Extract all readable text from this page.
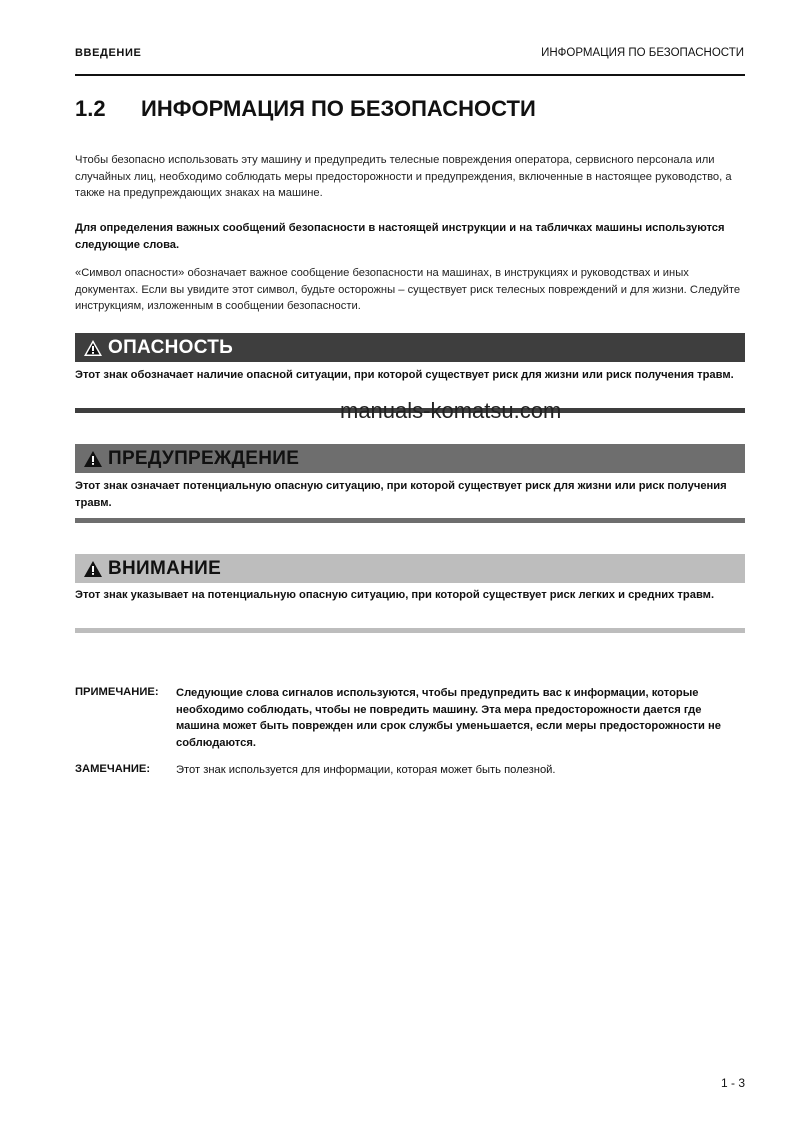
ВВЕДЕНИЕ	ИНФОРМАЦИЯ ПО БЕЗОПАСНОСТИ
1.2 ИНФОРМАЦИЯ ПО БЕЗОПАСНОСТИ
Чтобы безопасно использовать эту машину и предупредить телесные повреждения оператора, сервисного персонала или случайных лиц, необходимо соблюдать меры предосторожности и предупреждения, включенные в настоящее руководство, а также на предупреждающих знаках на машине.
Для определения важных сообщений безопасности в настоящей инструкции и на табличках машины используются следующие слова.
«Символ опасности» обозначает важное сообщение безопасности на машинах, в инструкциях и руководствах и иных документах. Если вы увидите этот символ, будьте осторожны – существует риск телесных повреждений и для жизни. Следуйте инструкциям, изложенным в сообщении безопасности.
ОПАСНОСТЬ
Этот знак обозначает наличие опасной ситуации, при которой существует риск для жизни или риск получения травм.
manuals-komatsu.com
ПРЕДУПРЕЖДЕНИЕ
Этот знак означает потенциальную опасную ситуацию, при которой существует риск для жизни или риск получения травм.
ВНИМАНИЕ
Этот знак указывает на потенциальную опасную ситуацию, при которой существует риск легких и средних травм.
ПРИМЕЧАНИЕ: Следующие слова сигналов используются, чтобы предупредить вас к информации, которые необходимо соблюдать, чтобы не повредить машину. Эта мера предосторожности дается где машина может быть поврежден или срок службы уменьшается, если меры предосторожности не соблюдаются.
ЗАМЕЧАНИЕ: Этот знак используется для информации, которая может быть полезной.
1 - 3
